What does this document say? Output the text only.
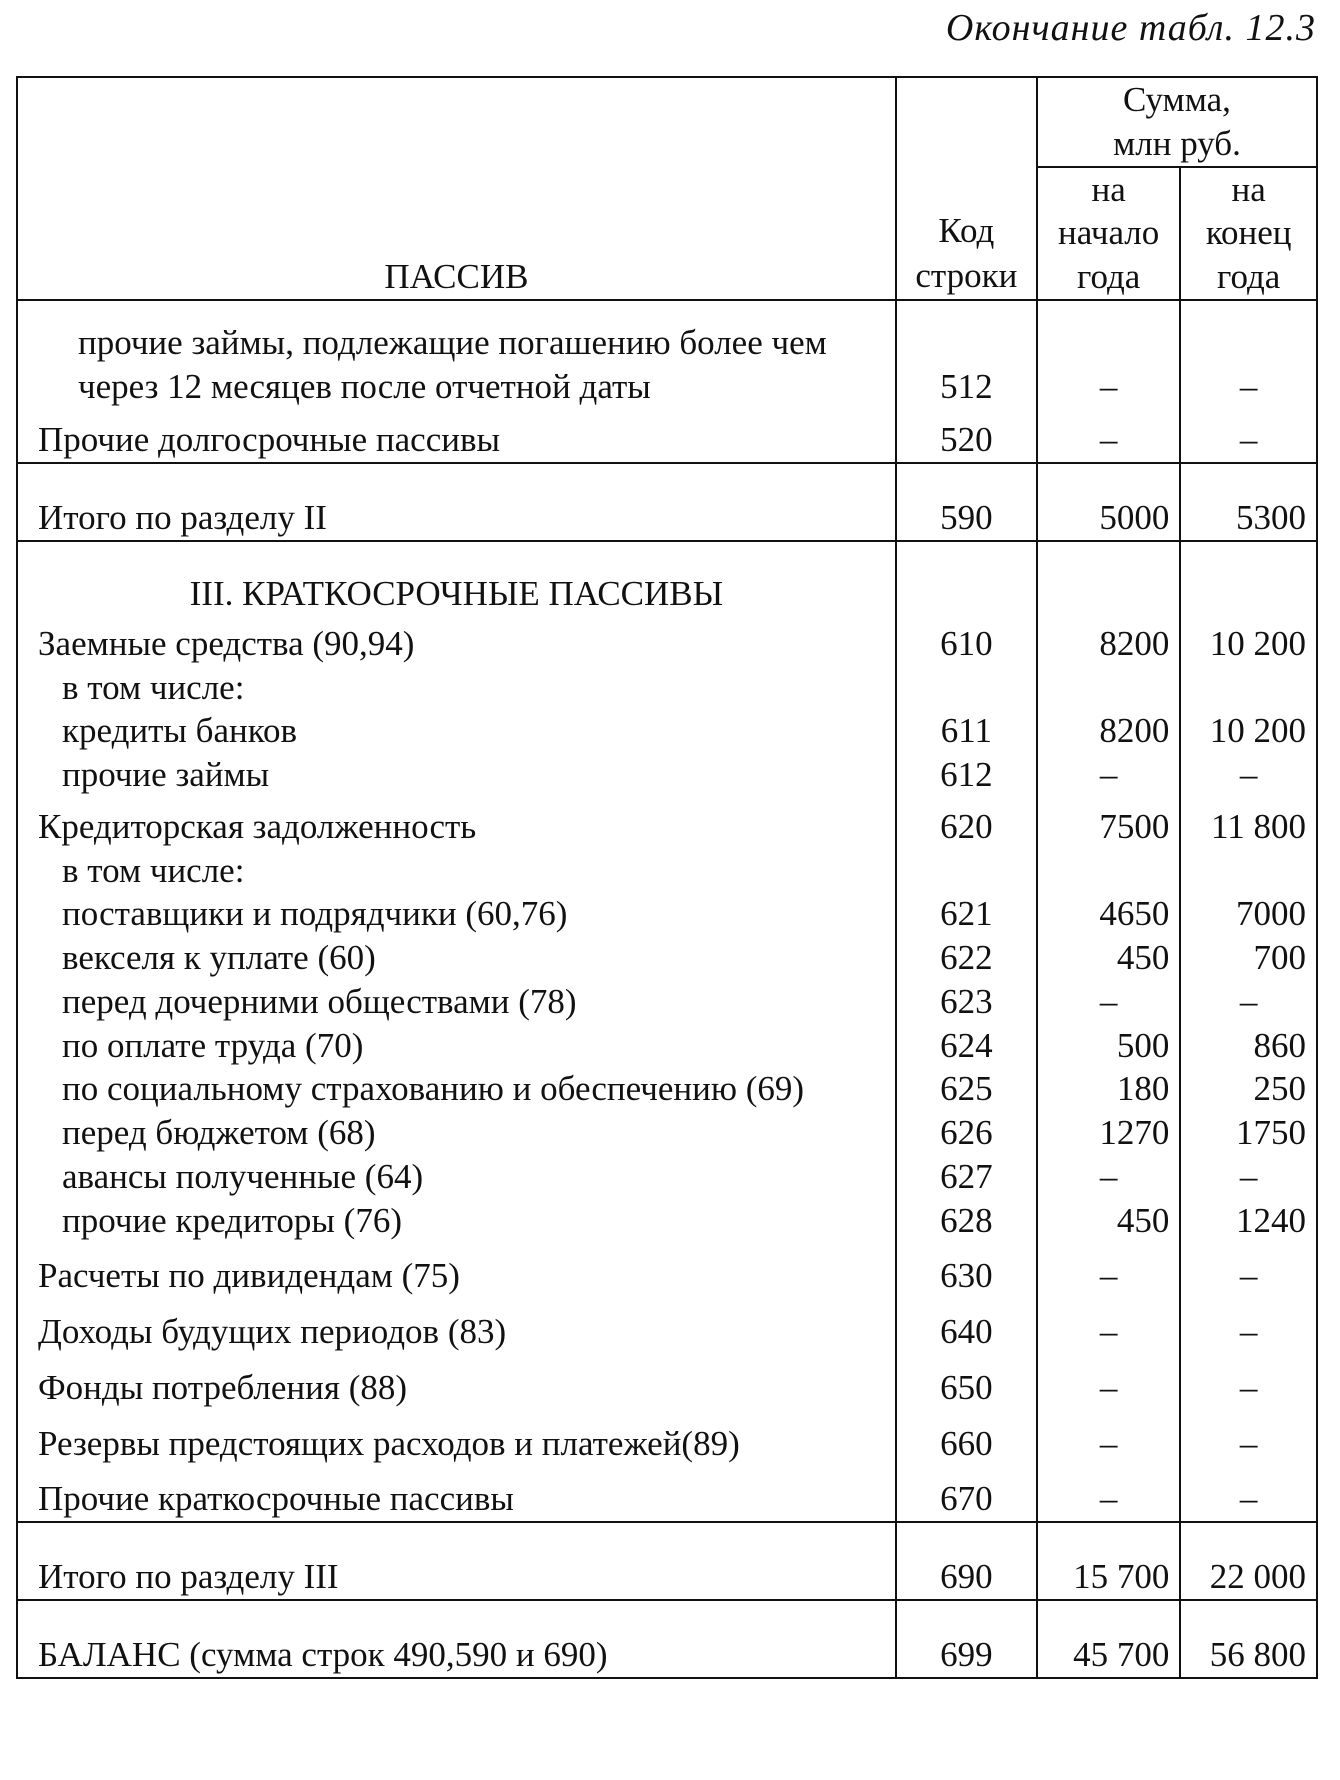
Окончание табл. 12.3
ПАССИВ	Код строки	Сумма, млн руб.	
		на начало года	на конец года
прочие займы, подлежащие погашению более чем через 12 месяцев после отчетной даты	512	–	–
Прочие долгосрочные пассивы	520	–	–
Итого по разделу II	590	5000	5300
III. КРАТКОСРОЧНЫЕ ПАССИВЫ			
Заемные средства (90,94)	610	8200	10 200
в том числе:			
кредиты банков	611	8200	10 200
прочие займы	612	–	–
Кредиторская задолженность	620	7500	11 800
в том числе:			
поставщики и подрядчики (60,76)	621	4650	7000
векселя к уплате (60)	622	450	700
перед дочерними обществами (78)	623	–	–
по оплате труда (70)	624	500	860
по социальному страхованию и обеспечению (69)	625	180	250
перед бюджетом (68)	626	1270	1750
авансы полученные (64)	627	–	–
прочие кредиторы (76)	628	450	1240
Расчеты по дивидендам (75)	630	–	–
Доходы будущих периодов (83)	640	–	–
Фонды потребления (88)	650	–	–
Резервы предстоящих расходов и платежей(89)	660	–	–
Прочие краткосрочные пассивы	670	–	–
Итого по разделу III	690	15 700	22 000
БАЛАНС (сумма строк 490,590 и 690)	699	45 700	56 800
